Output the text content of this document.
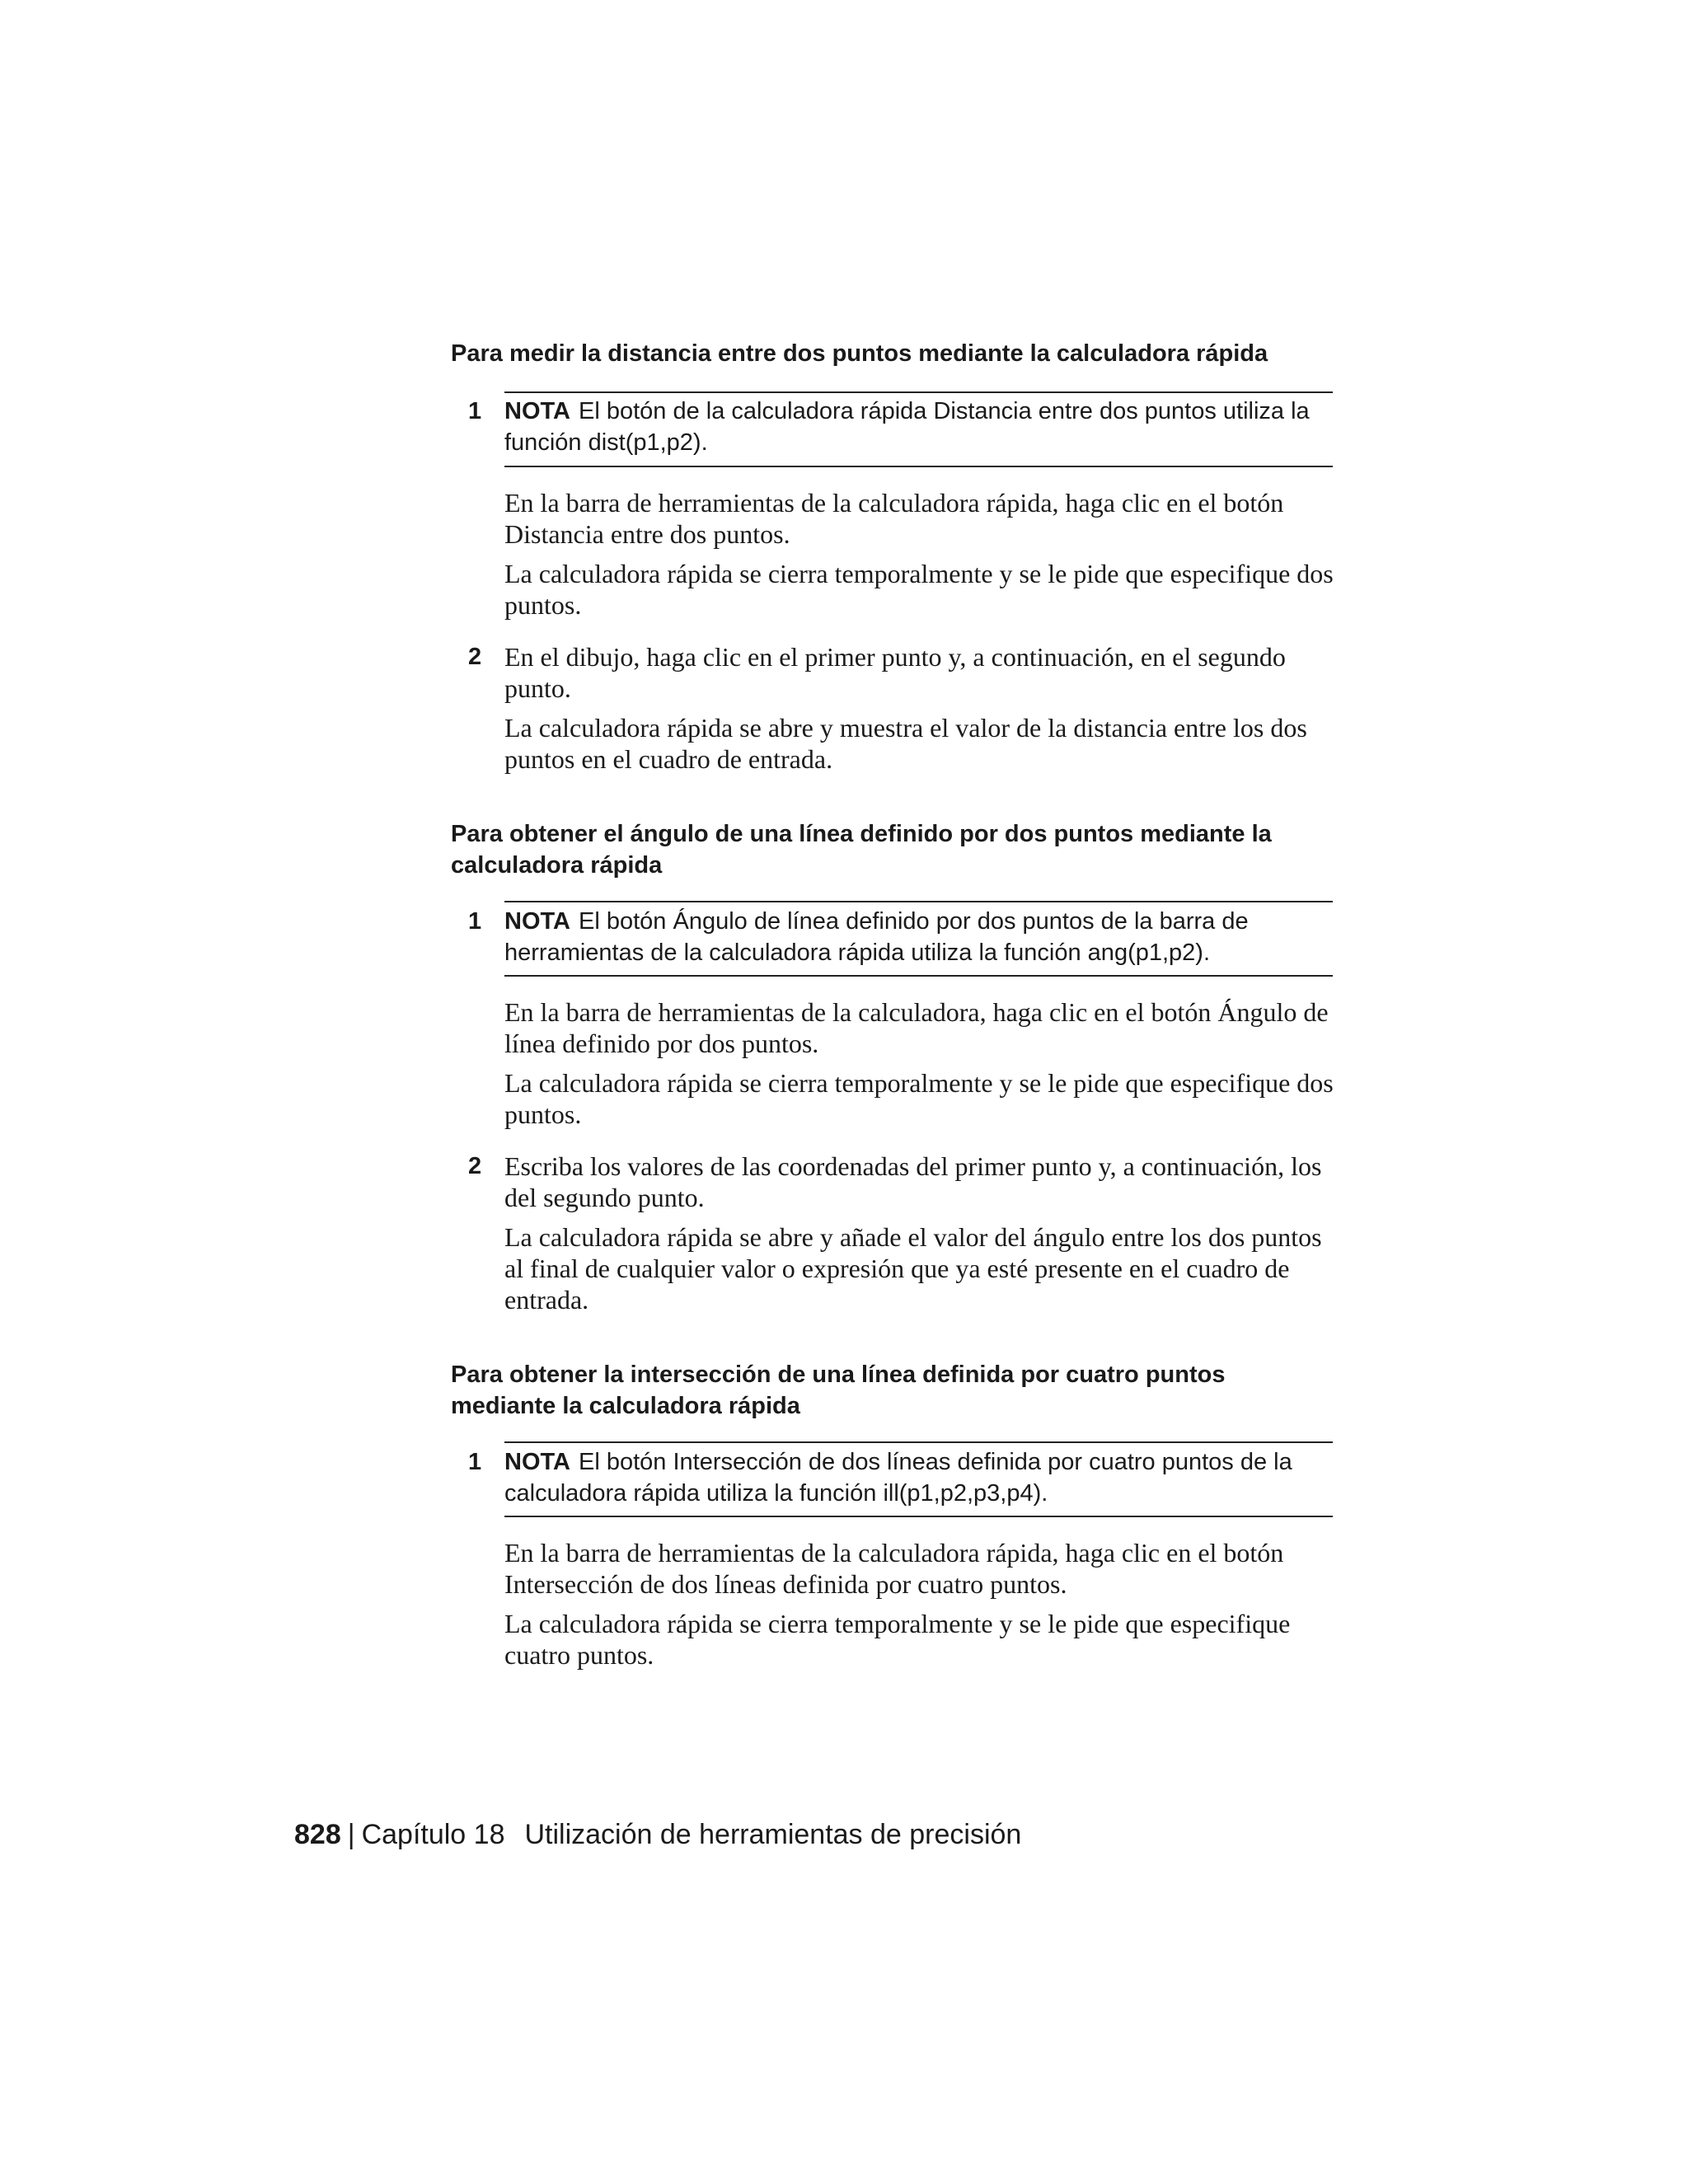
Para medir la distancia entre dos puntos mediante la calculadora rápida
1 NOTA El botón de la calculadora rápida Distancia entre dos puntos utiliza la función dist(p1,p2).

En la barra de herramientas de la calculadora rápida, haga clic en el botón Distancia entre dos puntos.

La calculadora rápida se cierra temporalmente y se le pide que especifique dos puntos.

2 En el dibujo, haga clic en el primer punto y, a continuación, en el segundo punto.

La calculadora rápida se abre y muestra el valor de la distancia entre los dos puntos en el cuadro de entrada.

Para obtener el ángulo de una línea definido por dos puntos mediante la calculadora rápida
1 NOTA El botón Ángulo de línea definido por dos puntos de la barra de herramientas de la calculadora rápida utiliza la función ang(p1,p2).

En la barra de herramientas de la calculadora, haga clic en el botón Ángulo de línea definido por dos puntos.

La calculadora rápida se cierra temporalmente y se le pide que especifique dos puntos.

2 Escriba los valores de las coordenadas del primer punto y, a continuación, los del segundo punto.

La calculadora rápida se abre y añade el valor del ángulo entre los dos puntos al final de cualquier valor o expresión que ya esté presente en el cuadro de entrada.

Para obtener la intersección de una línea definida por cuatro puntos mediante la calculadora rápida
1 NOTA El botón Intersección de dos líneas definida por cuatro puntos de la calculadora rápida utiliza la función ill(p1,p2,p3,p4).

En la barra de herramientas de la calculadora rápida, haga clic en el botón Intersección de dos líneas definida por cuatro puntos.

La calculadora rápida se cierra temporalmente y se le pide que especifique cuatro puntos.

828 | Capítulo 18 Utilización de herramientas de precisión
